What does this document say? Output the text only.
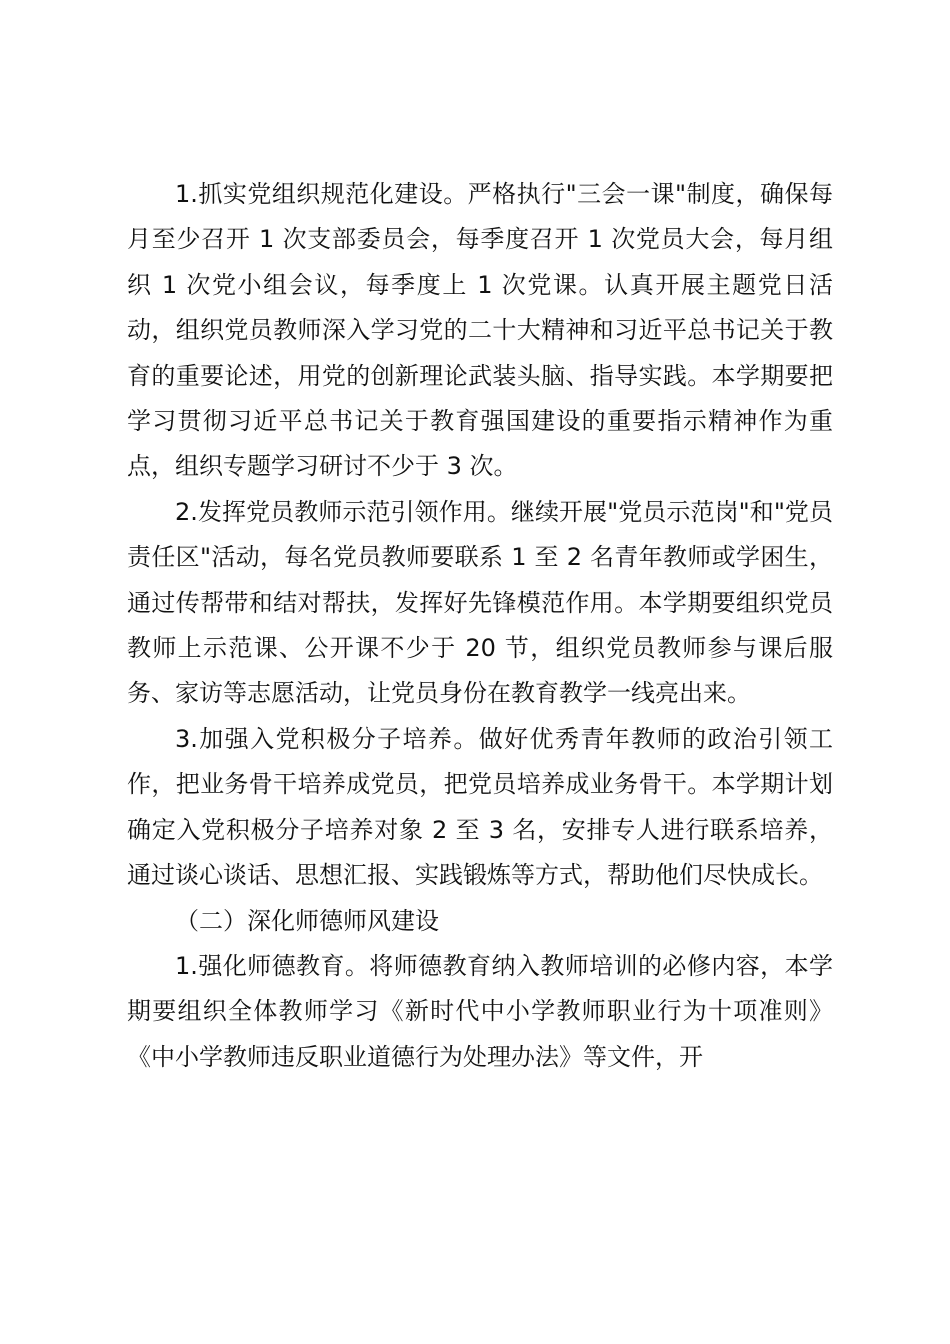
1.抓实党组织规范化建设。严格执行"三会一课"制度，确保每月至少召开 1 次支部委员会，每季度召开 1 次党员大会，每月组织 1 次党小组会议，每季度上 1 次党课。认真开展主题党日活动，组织党员教师深入学习党的二十大精神和习近平总书记关于教育的重要论述，用党的创新理论武装头脑、指导实践。本学期要把学习贯彻习近平总书记关于教育强国建设的重要指示精神作为重点，组织专题学习研讨不少于 3 次。

2.发挥党员教师示范引领作用。继续开展"党员示范岗"和"党员责任区"活动，每名党员教师要联系 1 至 2 名青年教师或学困生，通过传帮带和结对帮扶，发挥好先锋模范作用。本学期要组织党员教师上示范课、公开课不少于 20 节，组织党员教师参与课后服务、家访等志愿活动，让党员身份在教育教学一线亮出来。

3.加强入党积极分子培养。做好优秀青年教师的政治引领工作，把业务骨干培养成党员，把党员培养成业务骨干。本学期计划确定入党积极分子培养对象 2 至 3 名，安排专人进行联系培养，通过谈心谈话、思想汇报、实践锻炼等方式，帮助他们尽快成长。

（二）深化师德师风建设

1.强化师德教育。将师德教育纳入教师培训的必修内容，本学期要组织全体教师学习《新时代中小学教师职业行为十项准则》《中小学教师违反职业道德行为处理办法》等文件，开
